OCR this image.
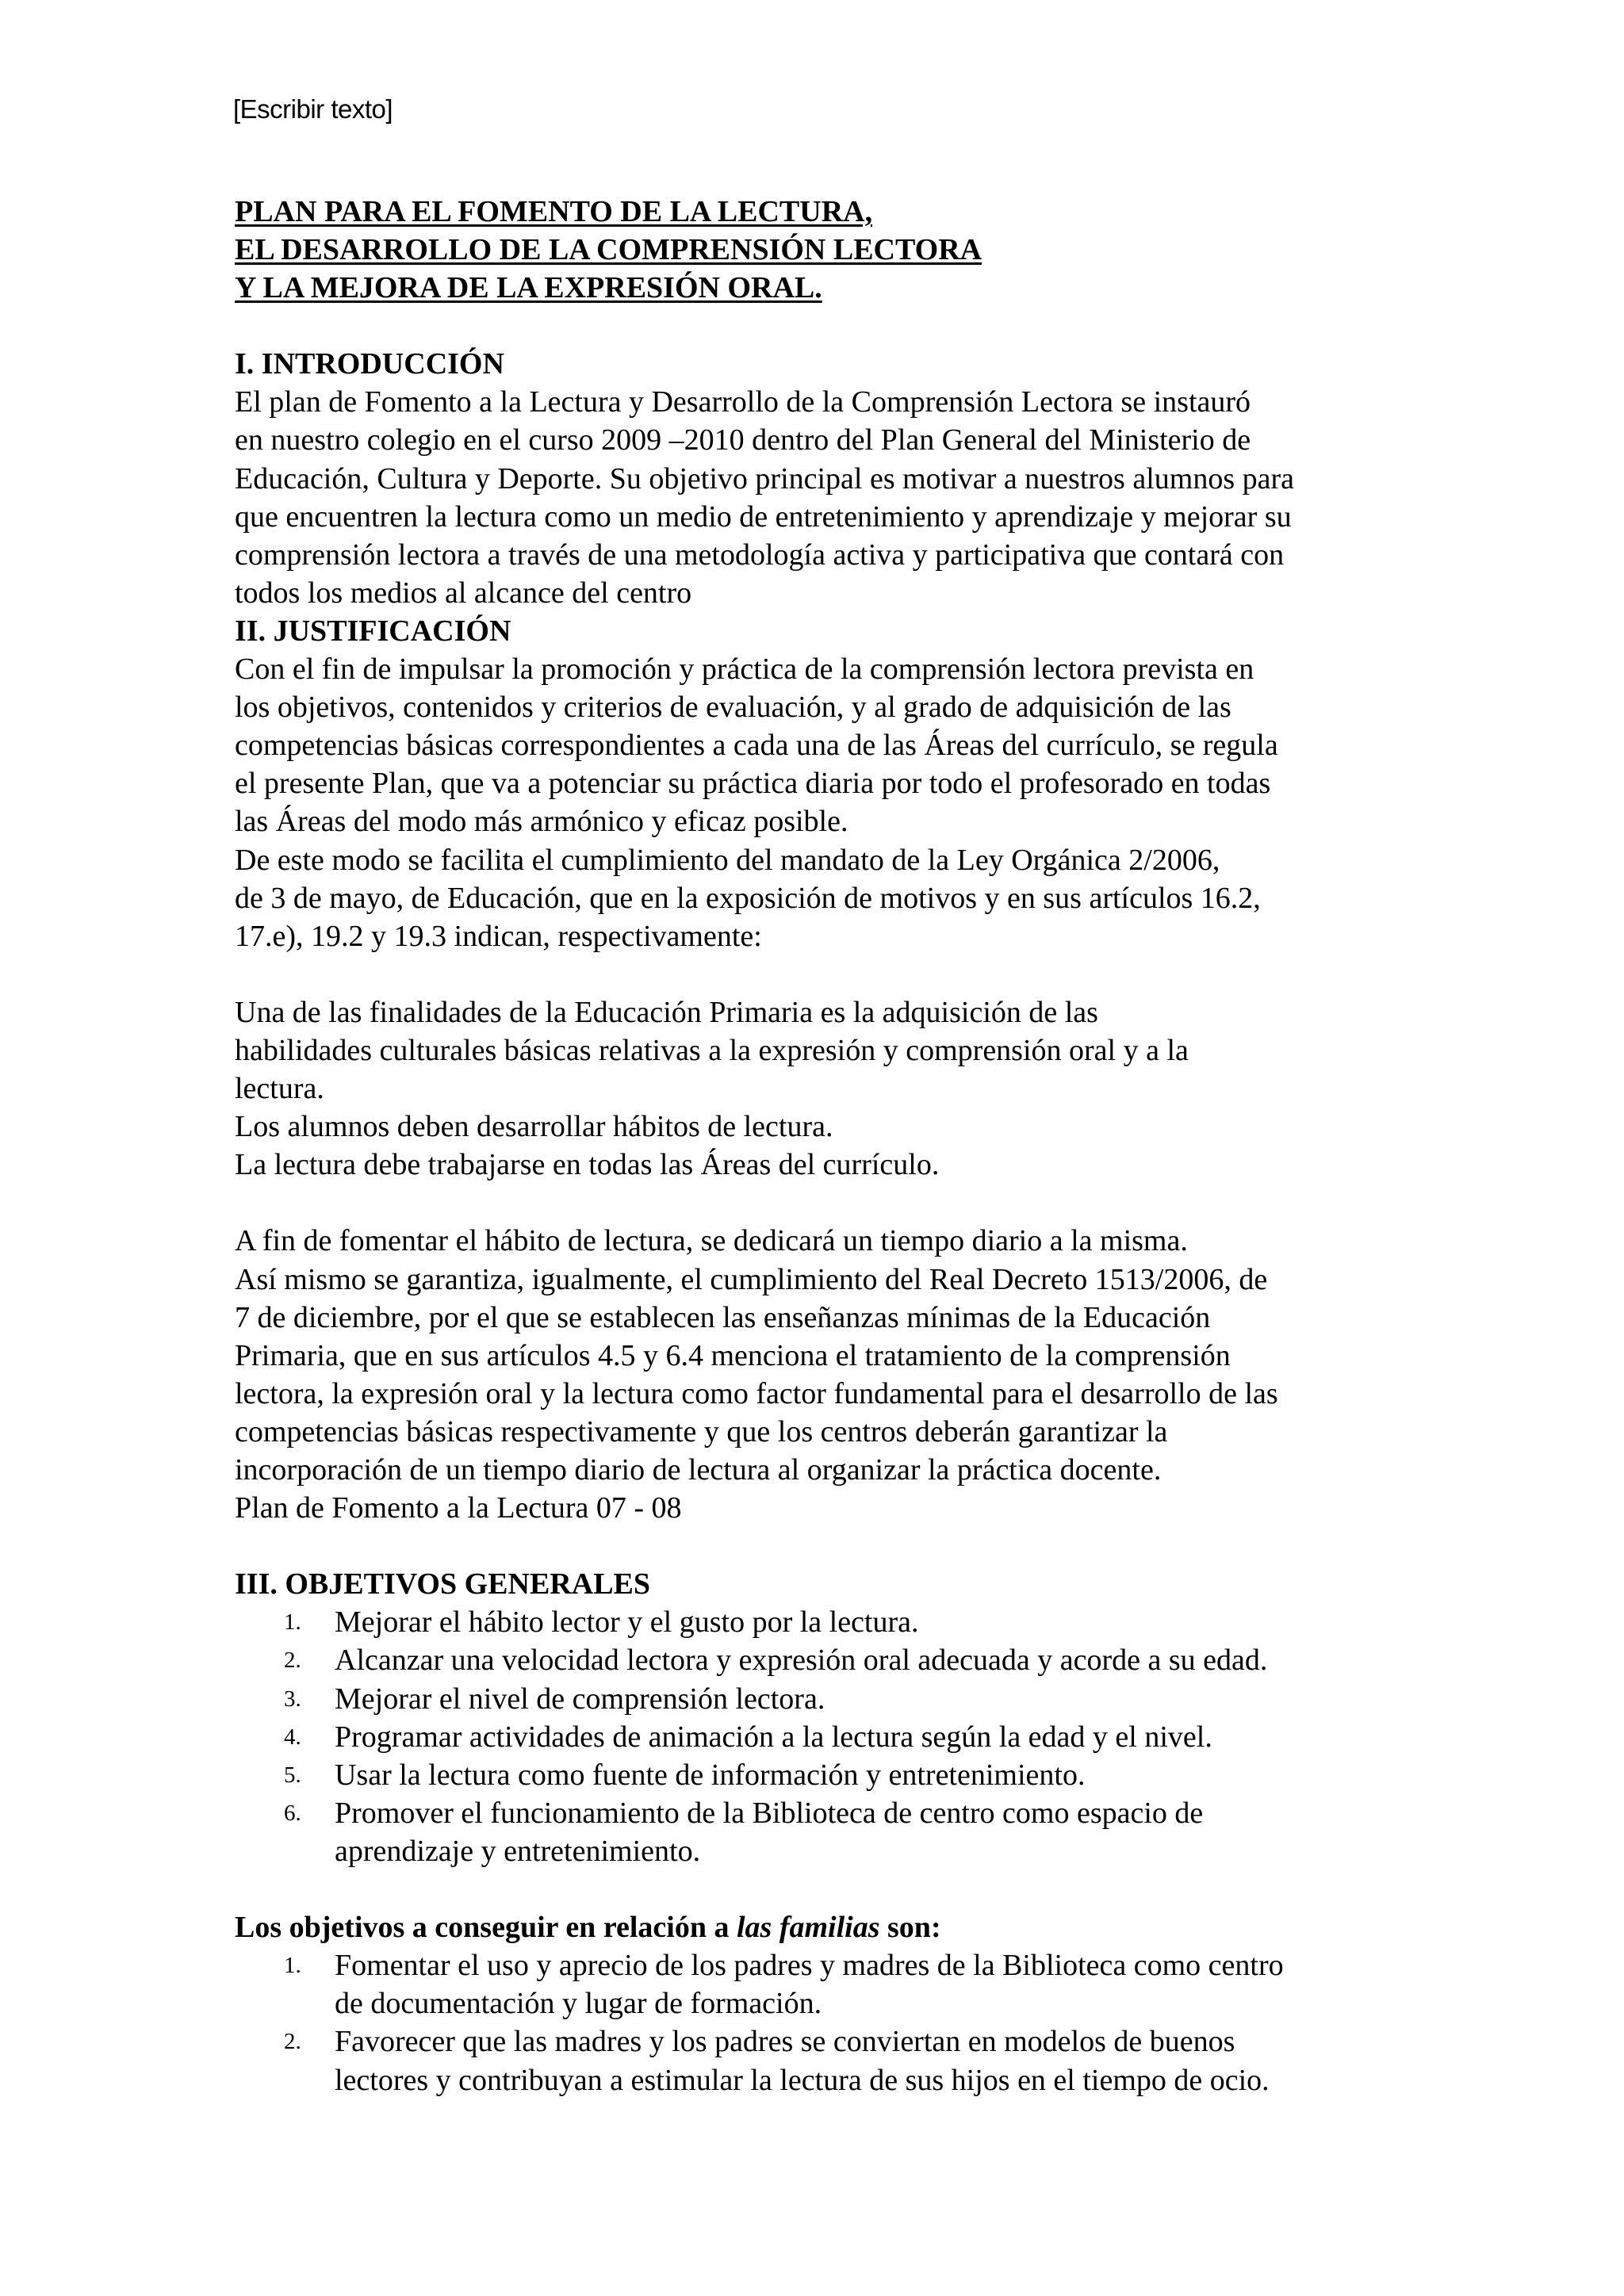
[Escribir texto]
PLAN PARA EL FOMENTO DE LA LECTURA,
EL DESARROLLO DE LA COMPRENSIÓN LECTORA
Y LA MEJORA DE LA EXPRESIÓN ORAL.
I. INTRODUCCIÓN

El plan de Fomento a la Lectura y Desarrollo de la Comprensión Lectora se instauró
en nuestro colegio en el curso 2009 –2010 dentro del Plan General del Ministerio de
Educación, Cultura y Deporte. Su objetivo principal es motivar a nuestros alumnos para
que encuentren la lectura como un medio de entretenimiento y aprendizaje y mejorar su
comprensión lectora a través de una metodología activa y participativa que contará con
todos los medios al alcance del centro

II. JUSTIFICACIÓN

Con el fin de impulsar la promoción y práctica de la comprensión lectora prevista en
los objetivos, contenidos y criterios de evaluación, y al grado de adquisición de las
competencias básicas correspondientes a cada una de las Áreas del currículo, se regula
el presente Plan, que va a potenciar su práctica diaria por todo el profesorado en todas
las Áreas del modo más armónico y eficaz posible.
De este modo se facilita el cumplimiento del mandato de la Ley Orgánica 2/2006,
de 3 de mayo, de Educación, que en la exposición de motivos y en sus artículos 16.2,
17.e), 19.2 y 19.3 indican, respectivamente:

Una de las finalidades de la Educación Primaria es la adquisición de las
habilidades culturales básicas relativas a la expresión y comprensión oral y a la
lectura.
Los alumnos deben desarrollar hábitos de lectura.
La lectura debe trabajarse en todas las Áreas del currículo.

A fin de fomentar el hábito de lectura, se dedicará un tiempo diario a la misma.
Así mismo se garantiza, igualmente, el cumplimiento del Real Decreto 1513/2006, de
7 de diciembre, por el que se establecen las enseñanzas mínimas de la Educación
Primaria, que en sus artículos 4.5 y 6.4 menciona el tratamiento de la comprensión
lectora, la expresión oral y la lectura como factor fundamental para el desarrollo de las
competencias básicas respectivamente y que los centros deberán garantizar la
incorporación de un tiempo diario de lectura al organizar la práctica docente.
Plan de Fomento a la Lectura 07 - 08

III. OBJETIVOS GENERALES
1. Mejorar el hábito lector y el gusto por la lectura.
2. Alcanzar una velocidad lectora y expresión oral adecuada y acorde a su edad.
3. Mejorar el nivel de comprensión lectora.
4. Programar actividades de animación a la lectura según la edad y el nivel.
5. Usar la lectura como fuente de información y entretenimiento.
6. Promover el funcionamiento de la Biblioteca de centro como espacio de
aprendizaje y entretenimiento.
Los objetivos a conseguir en relación a las familias son:
1. Fomentar el uso y aprecio de los padres y madres de la Biblioteca como centro
de documentación y lugar de formación.
2. Favorecer que las madres y los padres se conviertan en modelos de buenos
lectores y contribuyan a estimular la lectura de sus hijos en el tiempo de ocio.
